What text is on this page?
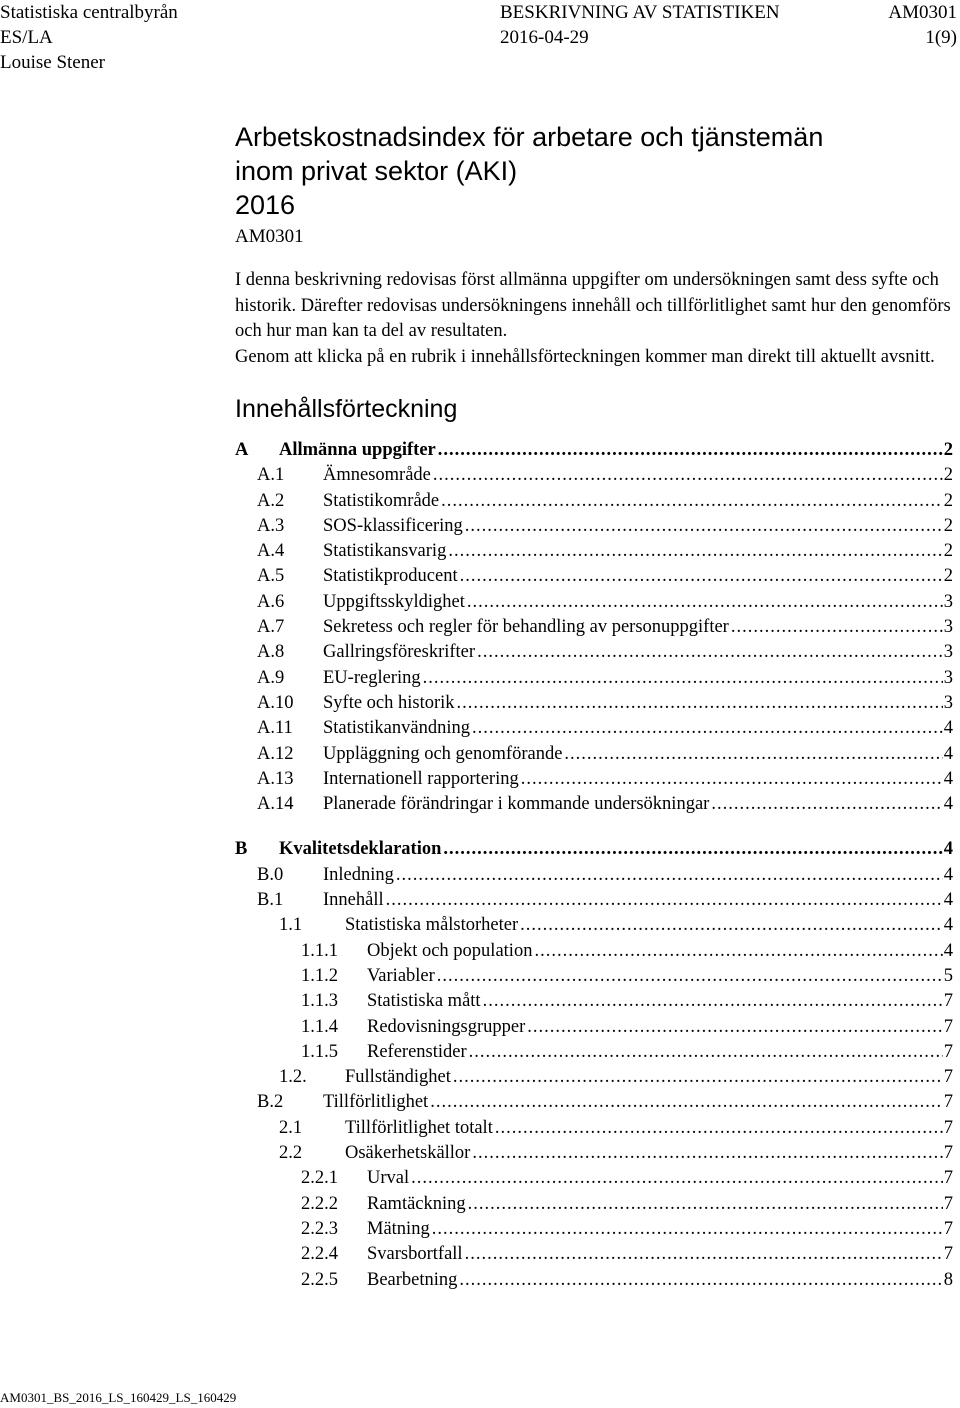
Statistiska centralbyrån
ES/LA
Louise Stener
BESKRIVNING AV STATISTIKEN
2016-04-29
AM0301
1(9)
Arbetskostnadsindex för arbetare och tjänstemän
inom privat sektor (AKI)
2016
AM0301

I denna beskrivning redovisas först allmänna uppgifter om undersökningen samt dess syfte och historik. Därefter redovisas undersökningens innehåll och tillförlitlighet samt hur den genomförs och hur man kan ta del av resultaten.

Genom att klicka på en rubrik i innehållsförteckningen kommer man direkt till aktuellt avsnitt.

Innehållsförteckning
A	Allmänna uppgifter .....	2
A.1	Ämnesområde .....	2
A.2	Statistikområde .....	2
A.3	SOS-klassificering .....	2
A.4	Statistikansvarig .....	2
A.5	Statistikproducent .....	2
A.6	Uppgiftsskyldighet .....	3
A.7	Sekretess och regler för behandling av personuppgifter .....	3
A.8	Gallringsföreskrifter .....	3
A.9	EU-reglering .....	3
A.10	Syfte och historik .....	3
A.11	Statistikanvändning .....	4
A.12	Uppläggning och genomförande .....	4
A.13	Internationell rapportering .....	4
A.14	Planerade förändringar i kommande undersökningar .....	4
B	Kvalitetsdeklaration .....	4
B.0	Inledning .....	4
B.1	Innehåll .....	4
1.1	Statistiska målstorheter .....	4
1.1.1	Objekt och population .....	4
1.1.2	Variabler .....	5
1.1.3	Statistiska mått .....	7
1.1.4	Redovisningsgrupper .....	7
1.1.5	Referenstider .....	7
1.2.	Fullständighet .....	7
B.2	Tillförlitlighet .....	7
2.1	Tillförlitlighet totalt .....	7
2.2	Osäkerhetskällor .....	7
2.2.1	Urval .....	7
2.2.2	Ramtäckning .....	7
2.2.3	Mätning .....	7
2.2.4	Svarsbortfall .....	7
2.2.5	Bearbetning .....	8
AM0301_BS_2016_LS_160429_LS_160429
